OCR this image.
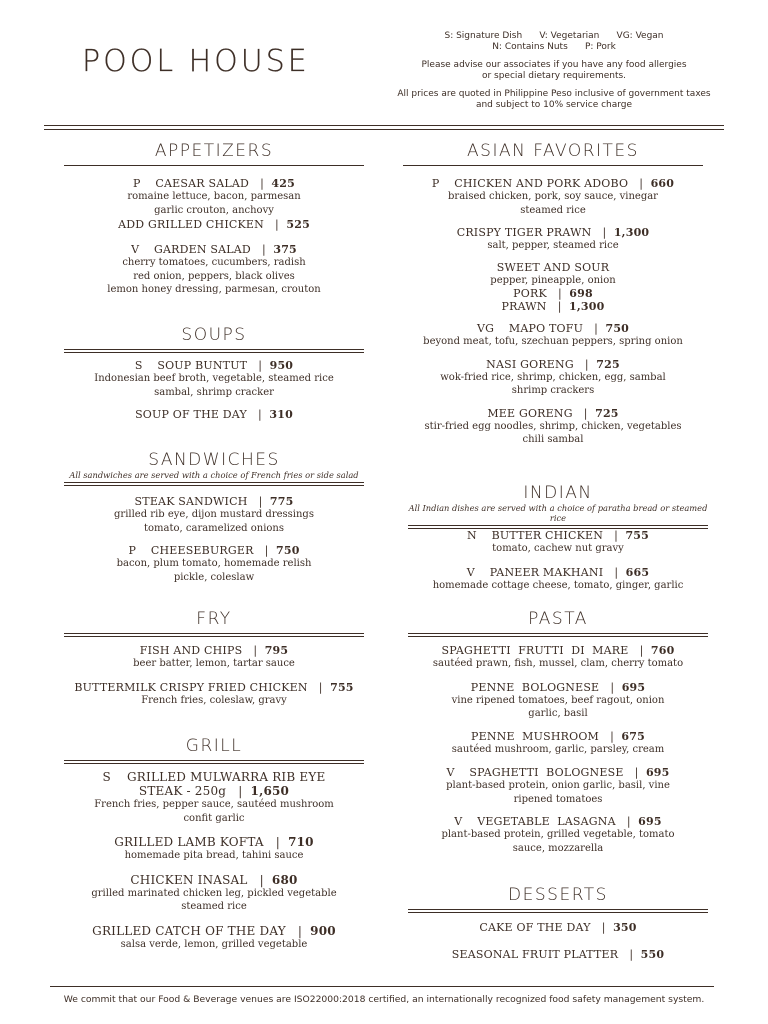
POOL HOUSE
S: Signature Dish      V: Vegetarian      VG: Vegan
N: Contains Nuts      P: Pork
Please advise our associates if you have any food allergies
or special dietary requirements.
All prices are quoted in Philippine Peso inclusive of government taxes
and subject to 10% service charge
APPETIZERS
P    CAESAR SALAD   |  425
romaine lettuce, bacon, parmesan
garlic crouton, anchovy
ADD GRILLED CHICKEN   |  525
V    GARDEN SALAD   |  375
cherry tomatoes, cucumbers, radish
red onion, peppers, black olives
lemon honey dressing, parmesan, crouton
SOUPS
S    SOUP BUNTUT   |  950
Indonesian beef broth, vegetable, steamed rice
sambal, shrimp cracker
SOUP OF THE DAY   |  310
SANDWICHES
All sandwiches are served with a choice of French fries or side salad
STEAK SANDWICH   |  775
grilled rib eye, dijon mustard dressings
tomato, caramelized onions
P    CHEESEBURGER   |  750
bacon, plum tomato, homemade relish
pickle, coleslaw
FRY
FISH AND CHIPS   |  795
beer batter, lemon, tartar sauce
BUTTERMILK CRISPY FRIED CHICKEN   |  755
French fries, coleslaw, gravy
GRILL
S    GRILLED MULWARRA RIB EYE
STEAK - 250g   |  1,650
French fries, pepper sauce, sautéed mushroom
confit garlic
GRILLED LAMB KOFTA   |  710
homemade pita bread, tahini sauce
CHICKEN INASAL   |  680
grilled marinated chicken leg, pickled vegetable
steamed rice
GRILLED CATCH OF THE DAY   |  900
salsa verde, lemon, grilled vegetable
ASIAN FAVORITES
P    CHICKEN AND PORK ADOBO   |  660
braised chicken, pork, soy sauce, vinegar
steamed rice
CRISPY TIGER PRAWN   |  1,300
salt, pepper, steamed rice
SWEET AND SOUR
pepper, pineapple, onion
PORK   |  698
PRAWN   |  1,300
VG    MAPO TOFU   |  750
beyond meat, tofu, szechuan peppers, spring onion
NASI GORENG   |  725
wok-fried rice, shrimp, chicken, egg, sambal
shrimp crackers
MEE GORENG   |  725
stir-fried egg noodles, shrimp, chicken, vegetables
chili sambal
INDIAN
All Indian dishes are served with a choice of paratha bread or steamed rice
N    BUTTER CHICKEN   |  755
tomato, cachew nut gravy
V    PANEER MAKHANI   |  665
homemade cottage cheese, tomato, ginger, garlic
PASTA
SPAGHETTI  FRUTTI  DI  MARE   |  760
sautéed prawn, fish, mussel, clam, cherry tomato
PENNE  BOLOGNESE   |  695
vine ripened tomatoes, beef ragout, onion
garlic, basil
PENNE  MUSHROOM   |  675
sautéed mushroom, garlic, parsley, cream
V    SPAGHETTI  BOLOGNESE   |  695
plant-based protein, onion garlic, basil, vine
ripened tomatoes
V    VEGETABLE  LASAGNA   |  695
plant-based protein, grilled vegetable, tomato
sauce, mozzarella
DESSERTS
CAKE OF THE DAY   |  350
SEASONAL FRUIT PLATTER   |  550
We commit that our Food & Beverage venues are ISO22000:2018 certified, an internationally recognized food safety management system.
